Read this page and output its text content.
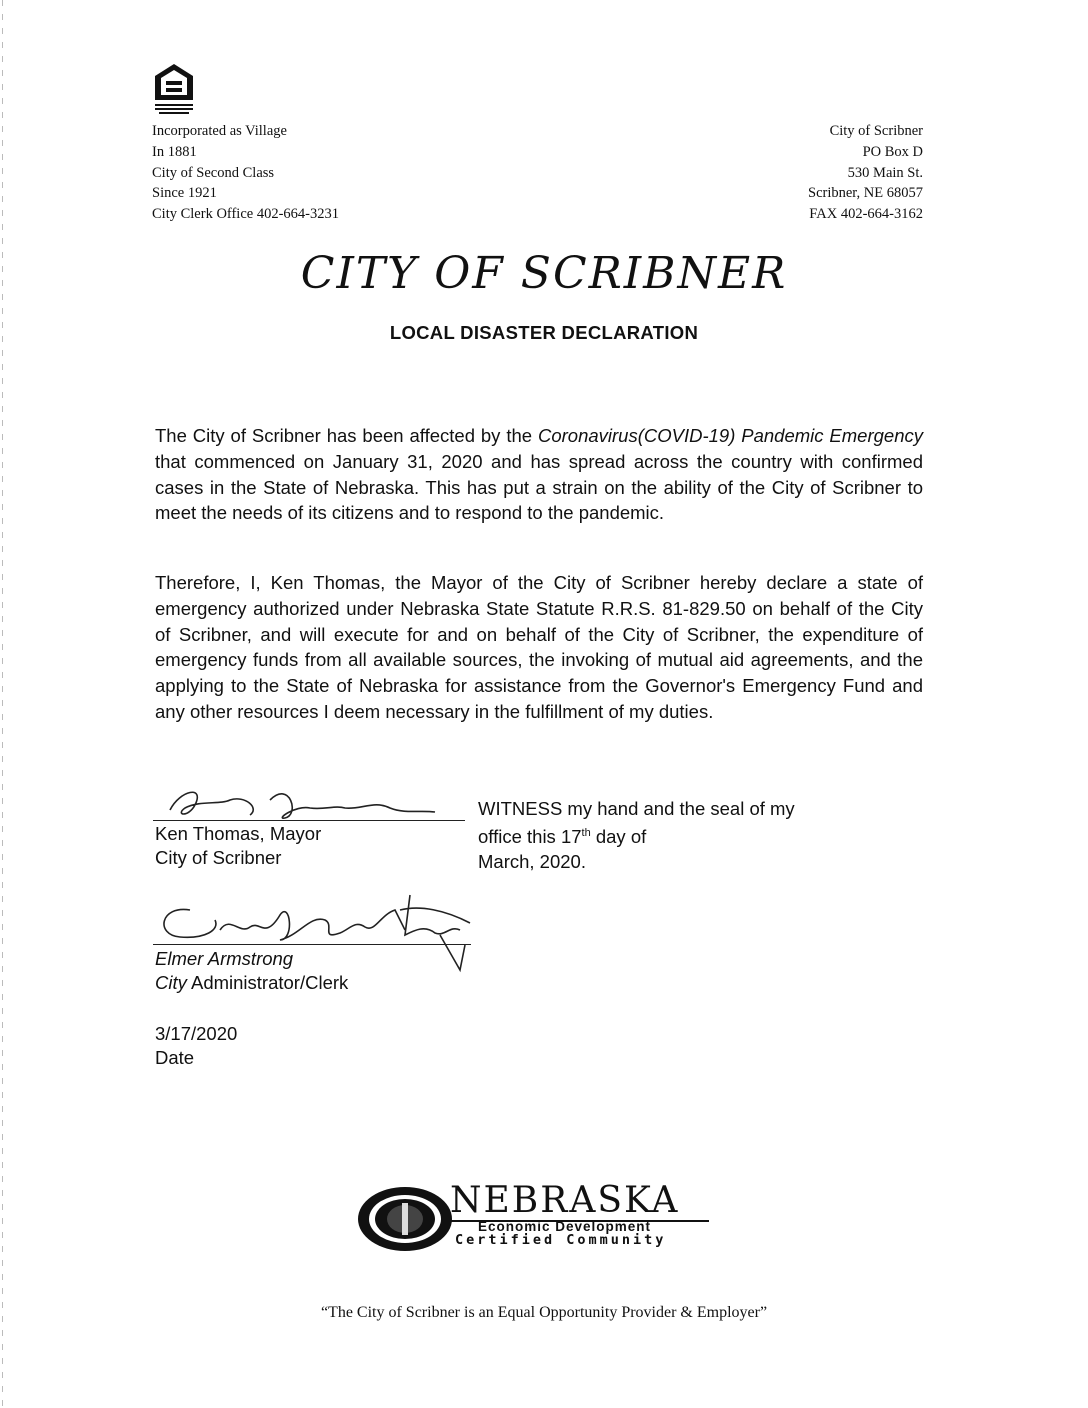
Incorporated as Village
In 1881
City of Second Class
Since 1921
City Clerk Office 402-664-3231
City of Scribner
PO Box D
530 Main St.
Scribner, NE 68057
FAX 402-664-3162
CITY OF SCRIBNER
LOCAL DISASTER DECLARATION
The City of Scribner has been affected by the Coronavirus(COVID-19) Pandemic Emergency that commenced on January 31, 2020 and has spread across the country with confirmed cases in the State of Nebraska. This has put a strain on the ability of the City of Scribner to meet the needs of its citizens and to respond to the pandemic.
Therefore, I, Ken Thomas, the Mayor of the City of Scribner hereby declare a state of emergency authorized under Nebraska State Statute R.R.S. 81-829.50 on behalf of the City of Scribner, and will execute for and on behalf of the City of Scribner, the expenditure of emergency funds from all available sources, the invoking of mutual aid agreements, and the applying to the State of Nebraska for assistance from the Governor's Emergency Fund and any other resources I deem necessary in the fulfillment of my duties.
Ken Thomas, Mayor
City of Scribner
WITNESS my hand and the seal of my
office this 17th day of
March, 2020.
Elmer Armstrong
City Administrator/Clerk
3/17/2020
Date
NEBRASKA
Economic Development
Certified Community
“The City of Scribner is an Equal Opportunity Provider & Employer”
